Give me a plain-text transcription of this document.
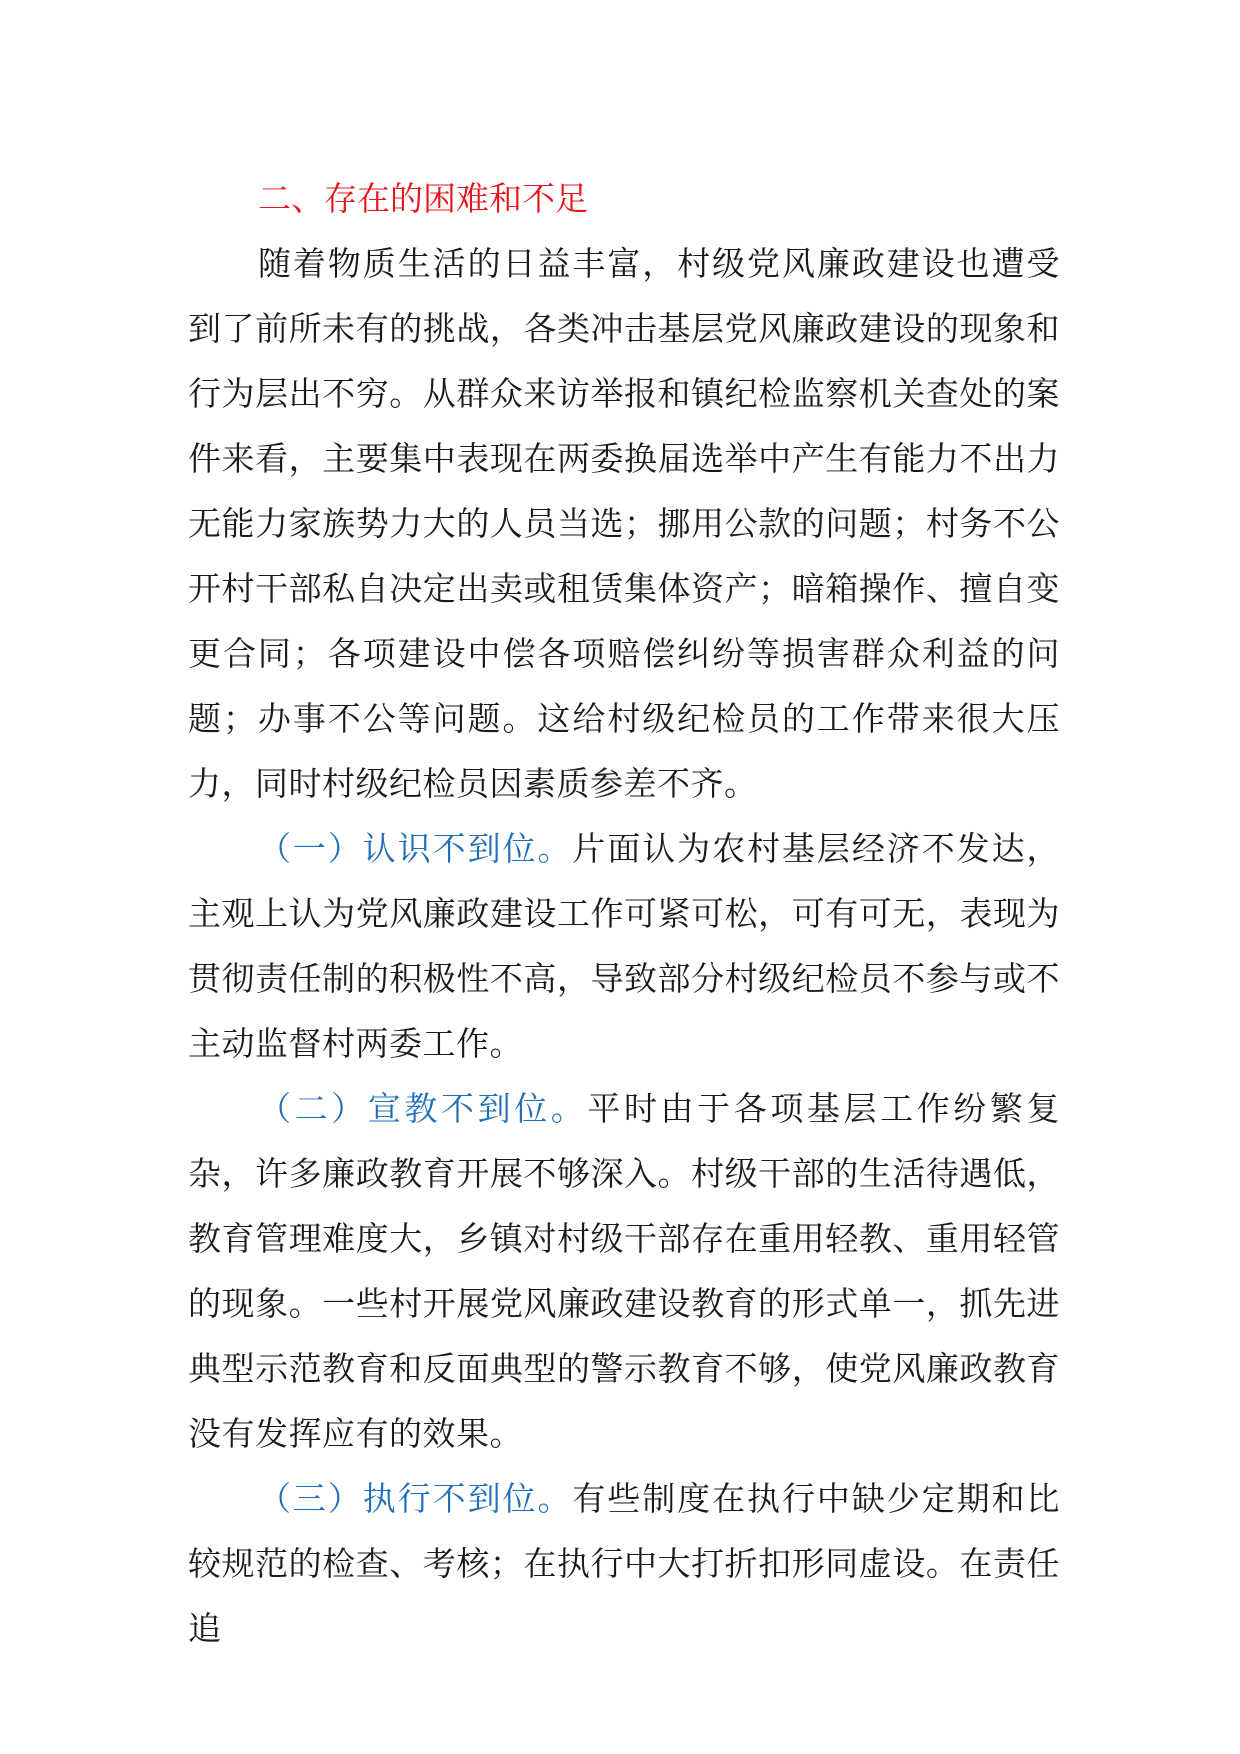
二、存在的困难和不足

随着物质生活的日益丰富，村级党风廉政建设也遭受到了前所未有的挑战，各类冲击基层党风廉政建设的现象和行为层出不穷。从群众来访举报和镇纪检监察机关查处的案件来看，主要集中表现在两委换届选举中产生有能力不出力无能力家族势力大的人员当选；挪用公款的问题；村务不公开村干部私自决定出卖或租赁集体资产；暗箱操作、擅自变更合同；各项建设中偿各项赔偿纠纷等损害群众利益的问题；办事不公等问题。这给村级纪检员的工作带来很大压力，同时村级纪检员因素质参差不齐。

（一）认识不到位。片面认为农村基层经济不发达，主观上认为党风廉政建设工作可紧可松，可有可无，表现为贯彻责任制的积极性不高，导致部分村级纪检员不参与或不主动监督村两委工作。

（二）宣教不到位。平时由于各项基层工作纷繁复杂，许多廉政教育开展不够深入。村级干部的生活待遇低，教育管理难度大，乡镇对村级干部存在重用轻教、重用轻管的现象。一些村开展党风廉政建设教育的形式单一，抓先进典型示范教育和反面典型的警示教育不够，使党风廉政教育没有发挥应有的效果。

（三）执行不到位。有些制度在执行中缺少定期和比较规范的检查、考核；在执行中大打折扣形同虚设。在责任追
